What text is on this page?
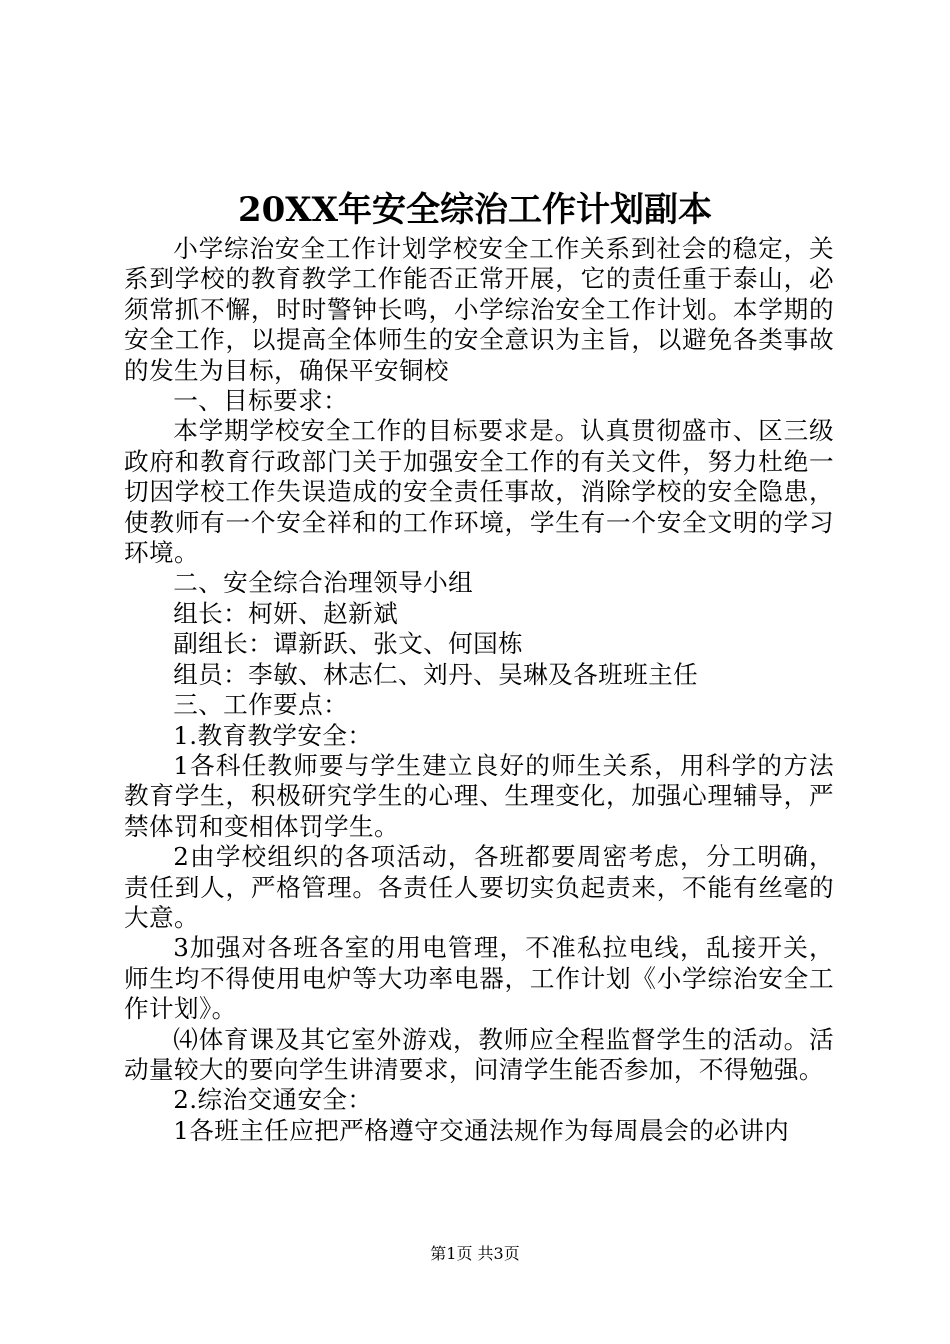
20XX年安全综治工作计划副本

小学综治安全工作计划学校安全工作关系到社会的稳定，关系到学校的教育教学工作能否正常开展，它的责任重于泰山，必须常抓不懈，时时警钟长鸣，小学综治安全工作计划。本学期的安全工作，以提高全体师生的安全意识为主旨，以避免各类事故的发生为目标，确保平安铜校

一、目标要求：

本学期学校安全工作的目标要求是。认真贯彻盛市、区三级政府和教育行政部门关于加强安全工作的有关文件，努力杜绝一切因学校工作失误造成的安全责任事故，消除学校的安全隐患，使教师有一个安全祥和的工作环境，学生有一个安全文明的学习环境。

二、安全综合治理领导小组

组长：柯妍、赵新斌

副组长：谭新跃、张文、何国栋

组员：李敏、林志仁、刘丹、吴琳及各班班主任

三、工作要点：

1.教育教学安全：

1各科任教师要与学生建立良好的师生关系，用科学的方法教育学生，积极研究学生的心理、生理变化，加强心理辅导，严禁体罚和变相体罚学生。

2由学校组织的各项活动，各班都要周密考虑，分工明确，责任到人，严格管理。各责任人要切实负起责来，不能有丝毫的大意。

3加强对各班各室的用电管理，不准私拉电线，乱接开关，师生均不得使用电炉等大功率电器，工作计划《小学综治安全工作计划》。

⑷体育课及其它室外游戏，教师应全程监督学生的活动。活动量较大的要向学生讲清要求，问清学生能否参加，不得勉强。

2.综治交通安全：

1各班主任应把严格遵守交通法规作为每周晨会的必讲内

第1页 共3页
